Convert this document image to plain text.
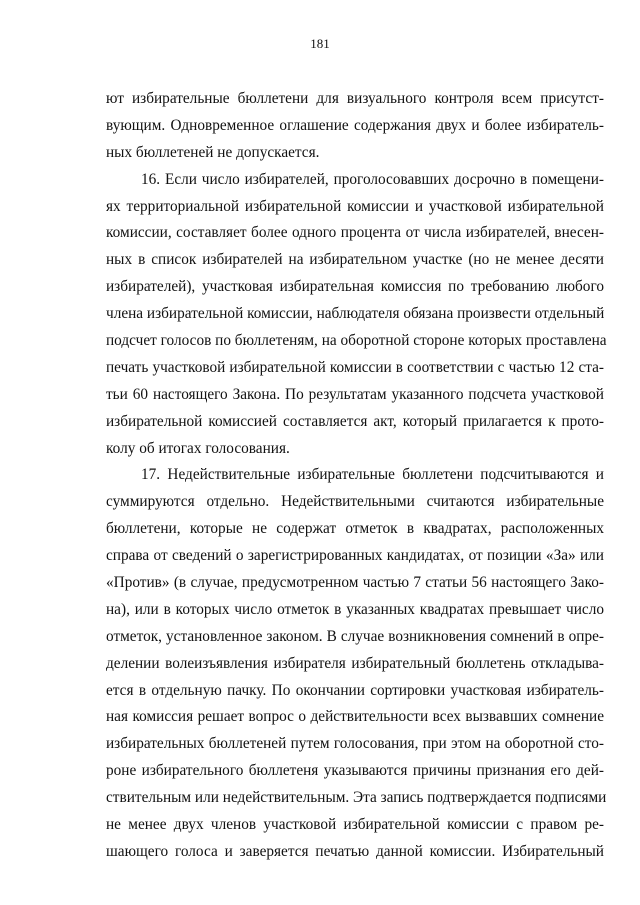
181
ют избирательные бюллетени для визуального контроля всем присутст-
вующим. Одновременное оглашение содержания двух и более избиратель-
ных бюллетеней не допускается.
16. Если число избирателей, проголосовавших досрочно в помещени-
ях территориальной избирательной комиссии и участковой избирательной
комиссии, составляет более одного процента от числа избирателей, внесен-
ных в список избирателей на избирательном участке (но не менее десяти
избирателей), участковая избирательная комиссия по требованию любого
члена избирательной комиссии, наблюдателя обязана произвести отдельный
подсчет голосов по бюллетеням, на оборотной стороне которых проставлена
печать участковой избирательной комиссии в соответствии с частью 12 ста-
тьи 60 настоящего Закона. По результатам указанного подсчета участковой
избирательной комиссией составляется акт, который прилагается к прото-
колу об итогах голосования.
17. Недействительные избирательные бюллетени подсчитываются и
суммируются отдельно. Недействительными считаются избирательные
бюллетени, которые не содержат отметок в квадратах, расположенных
справа от сведений о зарегистрированных кандидатах, от позиции «За» или
«Против» (в случае, предусмотренном частью 7 статьи 56 настоящего Зако-
на), или в которых число отметок в указанных квадратах превышает число
отметок, установленное законом. В случае возникновения сомнений в опре-
делении волеизъявления избирателя избирательный бюллетень откладыва-
ется в отдельную пачку. По окончании сортировки участковая избиратель-
ная комиссия решает вопрос о действительности всех вызвавших сомнение
избирательных бюллетеней путем голосования, при этом на оборотной сто-
роне избирательного бюллетеня указываются причины признания его дей-
ствительным или недействительным. Эта запись подтверждается подписями
не менее двух членов участковой избирательной комиссии с правом ре-
шающего голоса и заверяется печатью данной комиссии. Избирательный
